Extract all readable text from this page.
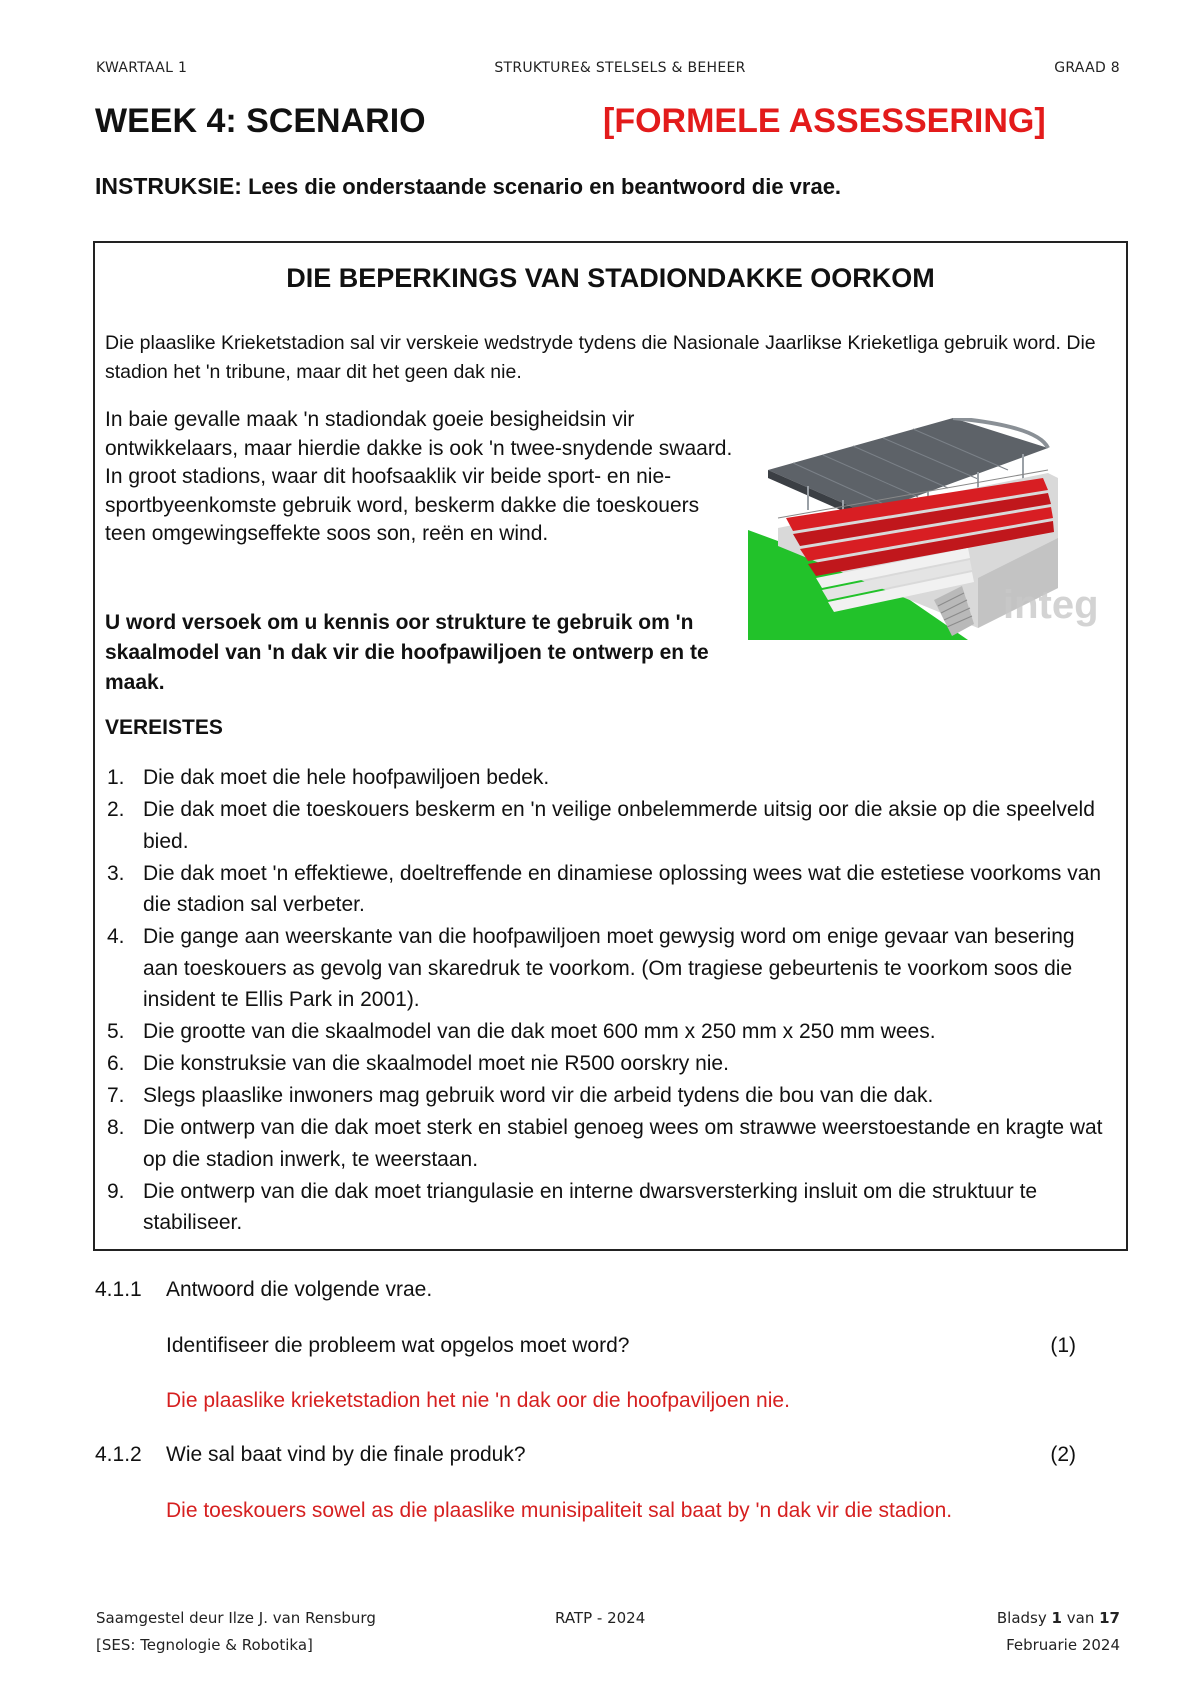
KWARTAAL 1	STRUKTURE& STELSELS & BEHEER	GRAAD 8
WEEK 4: SCENARIO	[FORMELE ASSESSERING]
INSTRUKSIE: Lees die onderstaande scenario en beantwoord die vrae.
DIE BEPERKINGS VAN STADIONDAKKE OORKOM
Die plaaslike Krieketstadion sal vir verskeie wedstryde tydens die Nasionale Jaarlikse Krieketliga gebruik word. Die stadion het 'n tribune, maar dit het geen dak nie.
In baie gevalle maak 'n stadiondak goeie besigheidsin vir ontwikkelaars, maar hierdie dakke is ook 'n twee-snydende swaard. In groot stadions, waar dit hoofsaaklik vir beide sport- en nie-sportbyeenkomste gebruik word, beskerm dakke die toeskouers teen omgewingseffekte soos son, reën en wind.
U word versoek om u kennis oor strukture te gebruik om 'n skaalmodel van 'n dak vir die hoofpawiljoen te ontwerp en te maak.
integ
VEREISTES
1. Die dak moet die hele hoofpawiljoen bedek.
2. Die dak moet die toeskouers beskerm en 'n veilige onbelemmerde uitsig oor die aksie op die speelveld bied.
3. Die dak moet 'n effektiewe, doeltreffende en dinamiese oplossing wees wat die estetiese voorkoms van die stadion sal verbeter.
4. Die gange aan weerskante van die hoofpawiljoen moet gewysig word om enige gevaar van besering aan toeskouers as gevolg van skaredruk te voorkom. (Om tragiese gebeurtenis te voorkom soos die insident te Ellis Park in 2001).
5. Die grootte van die skaalmodel van die dak moet 600 mm x 250 mm x 250 mm wees.
6. Die konstruksie van die skaalmodel moet nie R500 oorskry nie.
7. Slegs plaaslike inwoners mag gebruik word vir die arbeid tydens die bou van die dak.
8. Die ontwerp van die dak moet sterk en stabiel genoeg wees om strawwe weerstoestande en kragte wat op die stadion inwerk, te weerstaan.
9. Die ontwerp van die dak moet triangulasie en interne dwarsversterking insluit om die struktuur te stabiliseer.
4.1.1 Antwoord die volgende vrae.
Identifiseer die probleem wat opgelos moet word?	(1)
Die plaaslike krieketstadion het nie 'n dak oor die hoofpaviljoen nie.
4.1.2 Wie sal baat vind by die finale produk?	(2)
Die toeskouers sowel as die plaaslike munisipaliteit sal baat by 'n dak vir die stadion.
Saamgestel deur Ilze J. van Rensburg
[SES: Tegnologie & Robotika]
RATP - 2024	Bladsy 1 van 17
Februarie 2024
